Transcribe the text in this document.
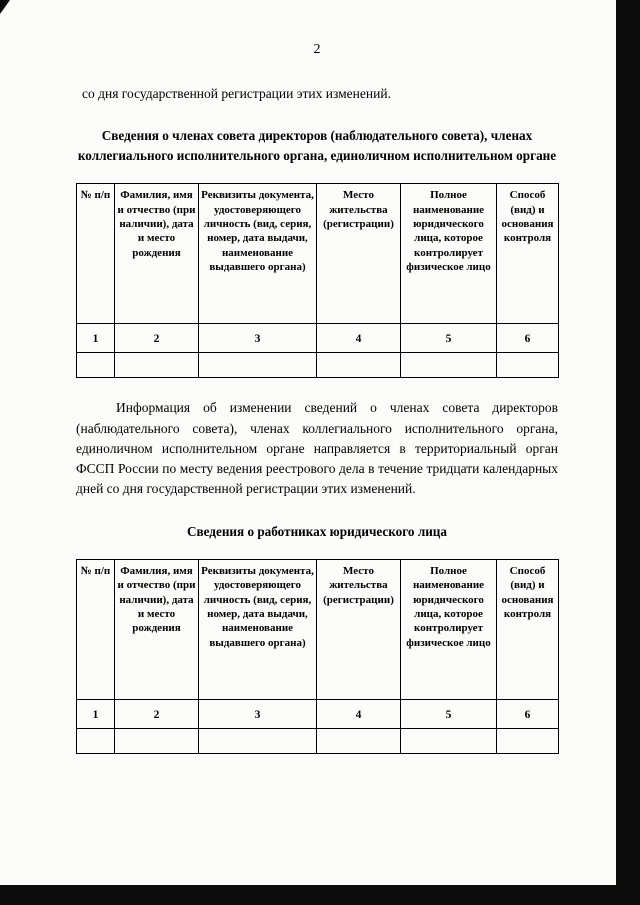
2

со дня государственной регистрации этих изменений.

Сведения о членах совета директоров (наблюдательного совета), членах коллегиального исполнительного органа, единоличном исполнительном органе
№ п/п	Фамилия, имя и отчество (при наличии), дата и место рождения	Реквизиты документа, удостоверяющего личность (вид, серия, номер, дата выдачи, наименование выдавшего органа)	Место жительства (регистрации)	Полное наименование юридического лица, которое контролирует физическое лицо	Способ (вид) и основания контроля
1	2	3	4	5	6

Информация об изменении сведений о членах совета директоров (наблюдательного совета), членах коллегиального исполнительного органа, единоличном исполнительном органе направляется в территориальный орган ФССП России по месту ведения реестрового дела в течение тридцати календарных дней со дня государственной регистрации этих изменений.

Сведения о работниках юридического лица
№ п/п	Фамилия, имя и отчество (при наличии), дата и место рождения	Реквизиты документа, удостоверяющего личность (вид, серия, номер, дата выдачи, наименование выдавшего органа)	Место жительства (регистрации)	Полное наименование юридического лица, которое контролирует физическое лицо	Способ (вид) и основания контроля
1	2	3	4	5	6
